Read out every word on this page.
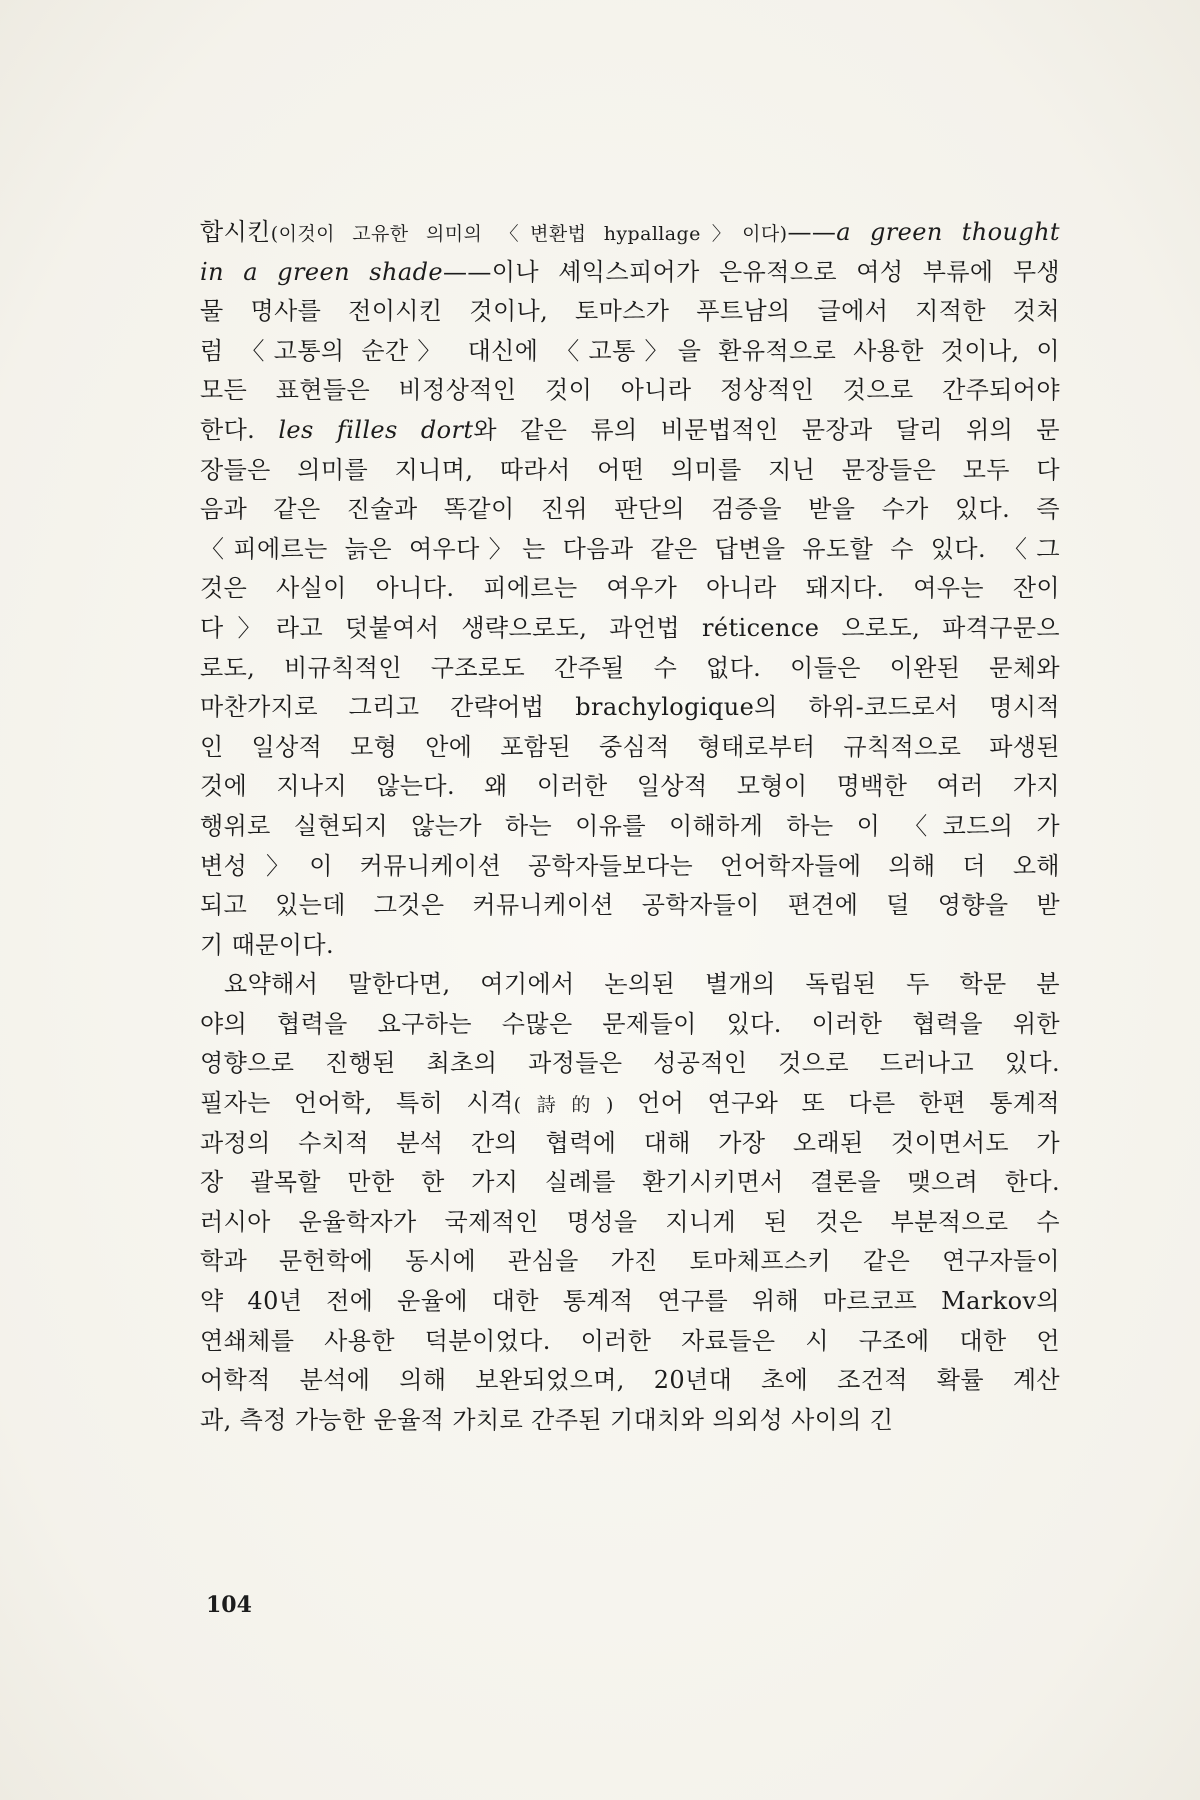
합시킨(이것이 고유한 의미의 〈변환법 hypallage〉이다)——a green thought
in a green shade——이나 셰익스피어가 은유적으로 여성 부류에 무생
물 명사를 전이시킨 것이나, 토마스가 푸트남의 글에서 지적한 것처
럼 〈고통의 순간〉 대신에 〈고통〉을 환유적으로 사용한 것이나, 이
모든 표현들은 비정상적인 것이 아니라 정상적인 것으로 간주되어야
한다. les filles dort와 같은 류의 비문법적인 문장과 달리 위의 문
장들은 의미를 지니며, 따라서 어떤 의미를 지닌 문장들은 모두 다
음과 같은 진술과 똑같이 진위 판단의 검증을 받을 수가 있다. 즉
〈피에르는 늙은 여우다〉는 다음과 같은 답변을 유도할 수 있다. 〈그
것은 사실이 아니다. 피에르는 여우가 아니라 돼지다. 여우는 잔이
다〉라고 덧붙여서 생략으로도, 과언법 réticence 으로도, 파격구문으
로도, 비규칙적인 구조로도 간주될 수 없다. 이들은 이완된 문체와
마찬가지로 그리고 간략어법 brachylogique의 하위-코드로서 명시적
인 일상적 모형 안에 포함된 중심적 형태로부터 규칙적으로 파생된
것에 지나지 않는다. 왜 이러한 일상적 모형이 명백한 여러 가지
행위로 실현되지 않는가 하는 이유를 이해하게 하는 이 〈코드의 가
변성〉이 커뮤니케이션 공학자들보다는 언어학자들에 의해 더 오해
되고 있는데 그것은 커뮤니케이션 공학자들이 편견에 덜 영향을 받
기 때문이다.
요약해서 말한다면, 여기에서 논의된 별개의 독립된 두 학문 분
야의 협력을 요구하는 수많은 문제들이 있다. 이러한 협력을 위한
영향으로 진행된 최초의 과정들은 성공적인 것으로 드러나고 있다.
필자는 언어학, 특히 시격(詩的) 언어 연구와 또 다른 한편 통계적
과정의 수치적 분석 간의 협력에 대해 가장 오래된 것이면서도 가
장 괄목할 만한 한 가지 실례를 환기시키면서 결론을 맺으려 한다.
러시아 운율학자가 국제적인 명성을 지니게 된 것은 부분적으로 수
학과 문헌학에 동시에 관심을 가진 토마체프스키 같은 연구자들이
약 40년 전에 운율에 대한 통계적 연구를 위해 마르코프 Markov의
연쇄체를 사용한 덕분이었다. 이러한 자료들은 시 구조에 대한 언
어학적 분석에 의해 보완되었으며, 20년대 초에 조건적 확률 계산
과, 측정 가능한 운율적 가치로 간주된 기대치와 의외성 사이의 긴
104
